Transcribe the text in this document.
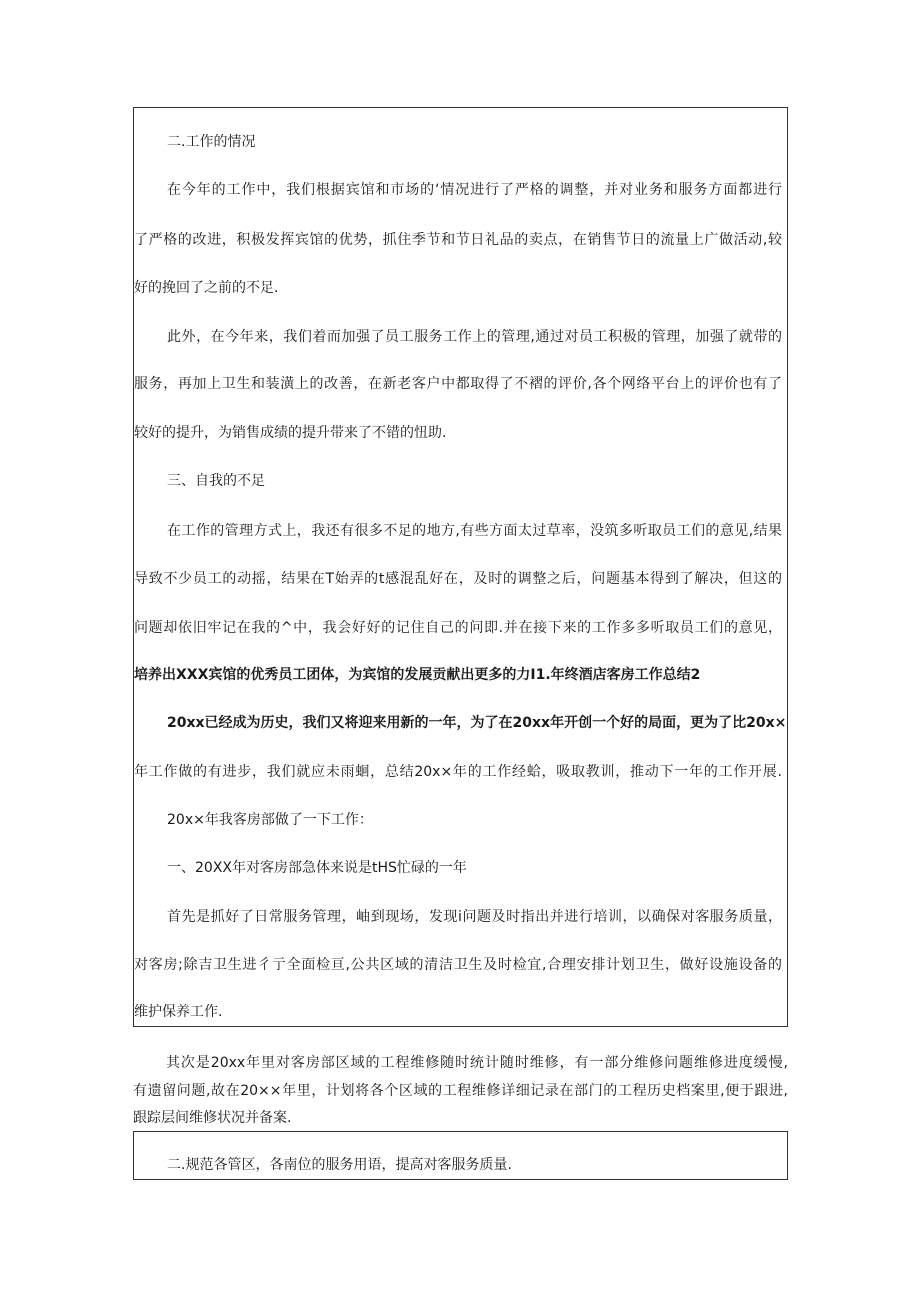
二.工作的情况
在今年的工作中，我们根据宾馆和市场的‘情况进行了严格的调整，并对业务和服务方面都进行
了严格的改进，积极发挥宾馆的优势，抓住季节和节日礼品的卖点，在销售节日的流量上广做活动,较
好的挽回了之前的不足.
此外，在今年来，我们着而加强了员工服务工作上的管理,通过对员工积极的管理，加强了就带的
服务，再加上卫生和装潢上的改善，在新老客户中都取得了不褶的评价,各个网络平台上的评价也有了
较好的提升，为销售成绩的提升带来了不错的忸助.
三、自我的不足
在工作的管理方式上，我还有很多不足的地方,有些方面太过草率，没筑多听取员工们的意见,结果
导致不少员工的动摇，结果在T始弄的t感混乱好在，及时的调整之后，问题基本得到了解决，但这的
问题却依旧牢记在我的^中，我会好好的记住自己的问即.并在接下来的工作多多听取员工们的意见，
培养出XXX宾馆的优秀员工团体，为宾馆的发展贡献出更多的力I1.年终酒店客房工作总结2
20xx已经成为历史，我们又将迎来用新的一年，为了在20xx年开创一个好的局面，更为了比20x×
年工作做的有进步，我们就应未雨蛔，总结20x×年的工作经蛤，吸取教训，推动下一年的工作开展.
20x×年我客房部做了一下工作：
一、20XX年对客房部急体来说是tHS忙碌的一年
首先是抓好了日常服务管理，岫到现场，发现i问题及时指出并进行培训，以确保对客服务质量，
对客房;除吉卫生进彳亍全面检亘,公共区域的清洁卫生及时检宜,合理安排计划卫生，做好设施设备的
维护保养工作.
其次是20xx年里对客房部区域的工程维修随时统计随时维修，有一部分维修问题维修进度缓慢,
有遗留问题,故在20××年里，计划将各个区域的工程维修详细记录在部门的工程历史档案里,便于跟进,
跟踪层间维修状况并备案.
二.规范各管区，各南位的服务用语，提高对客服务质量.
